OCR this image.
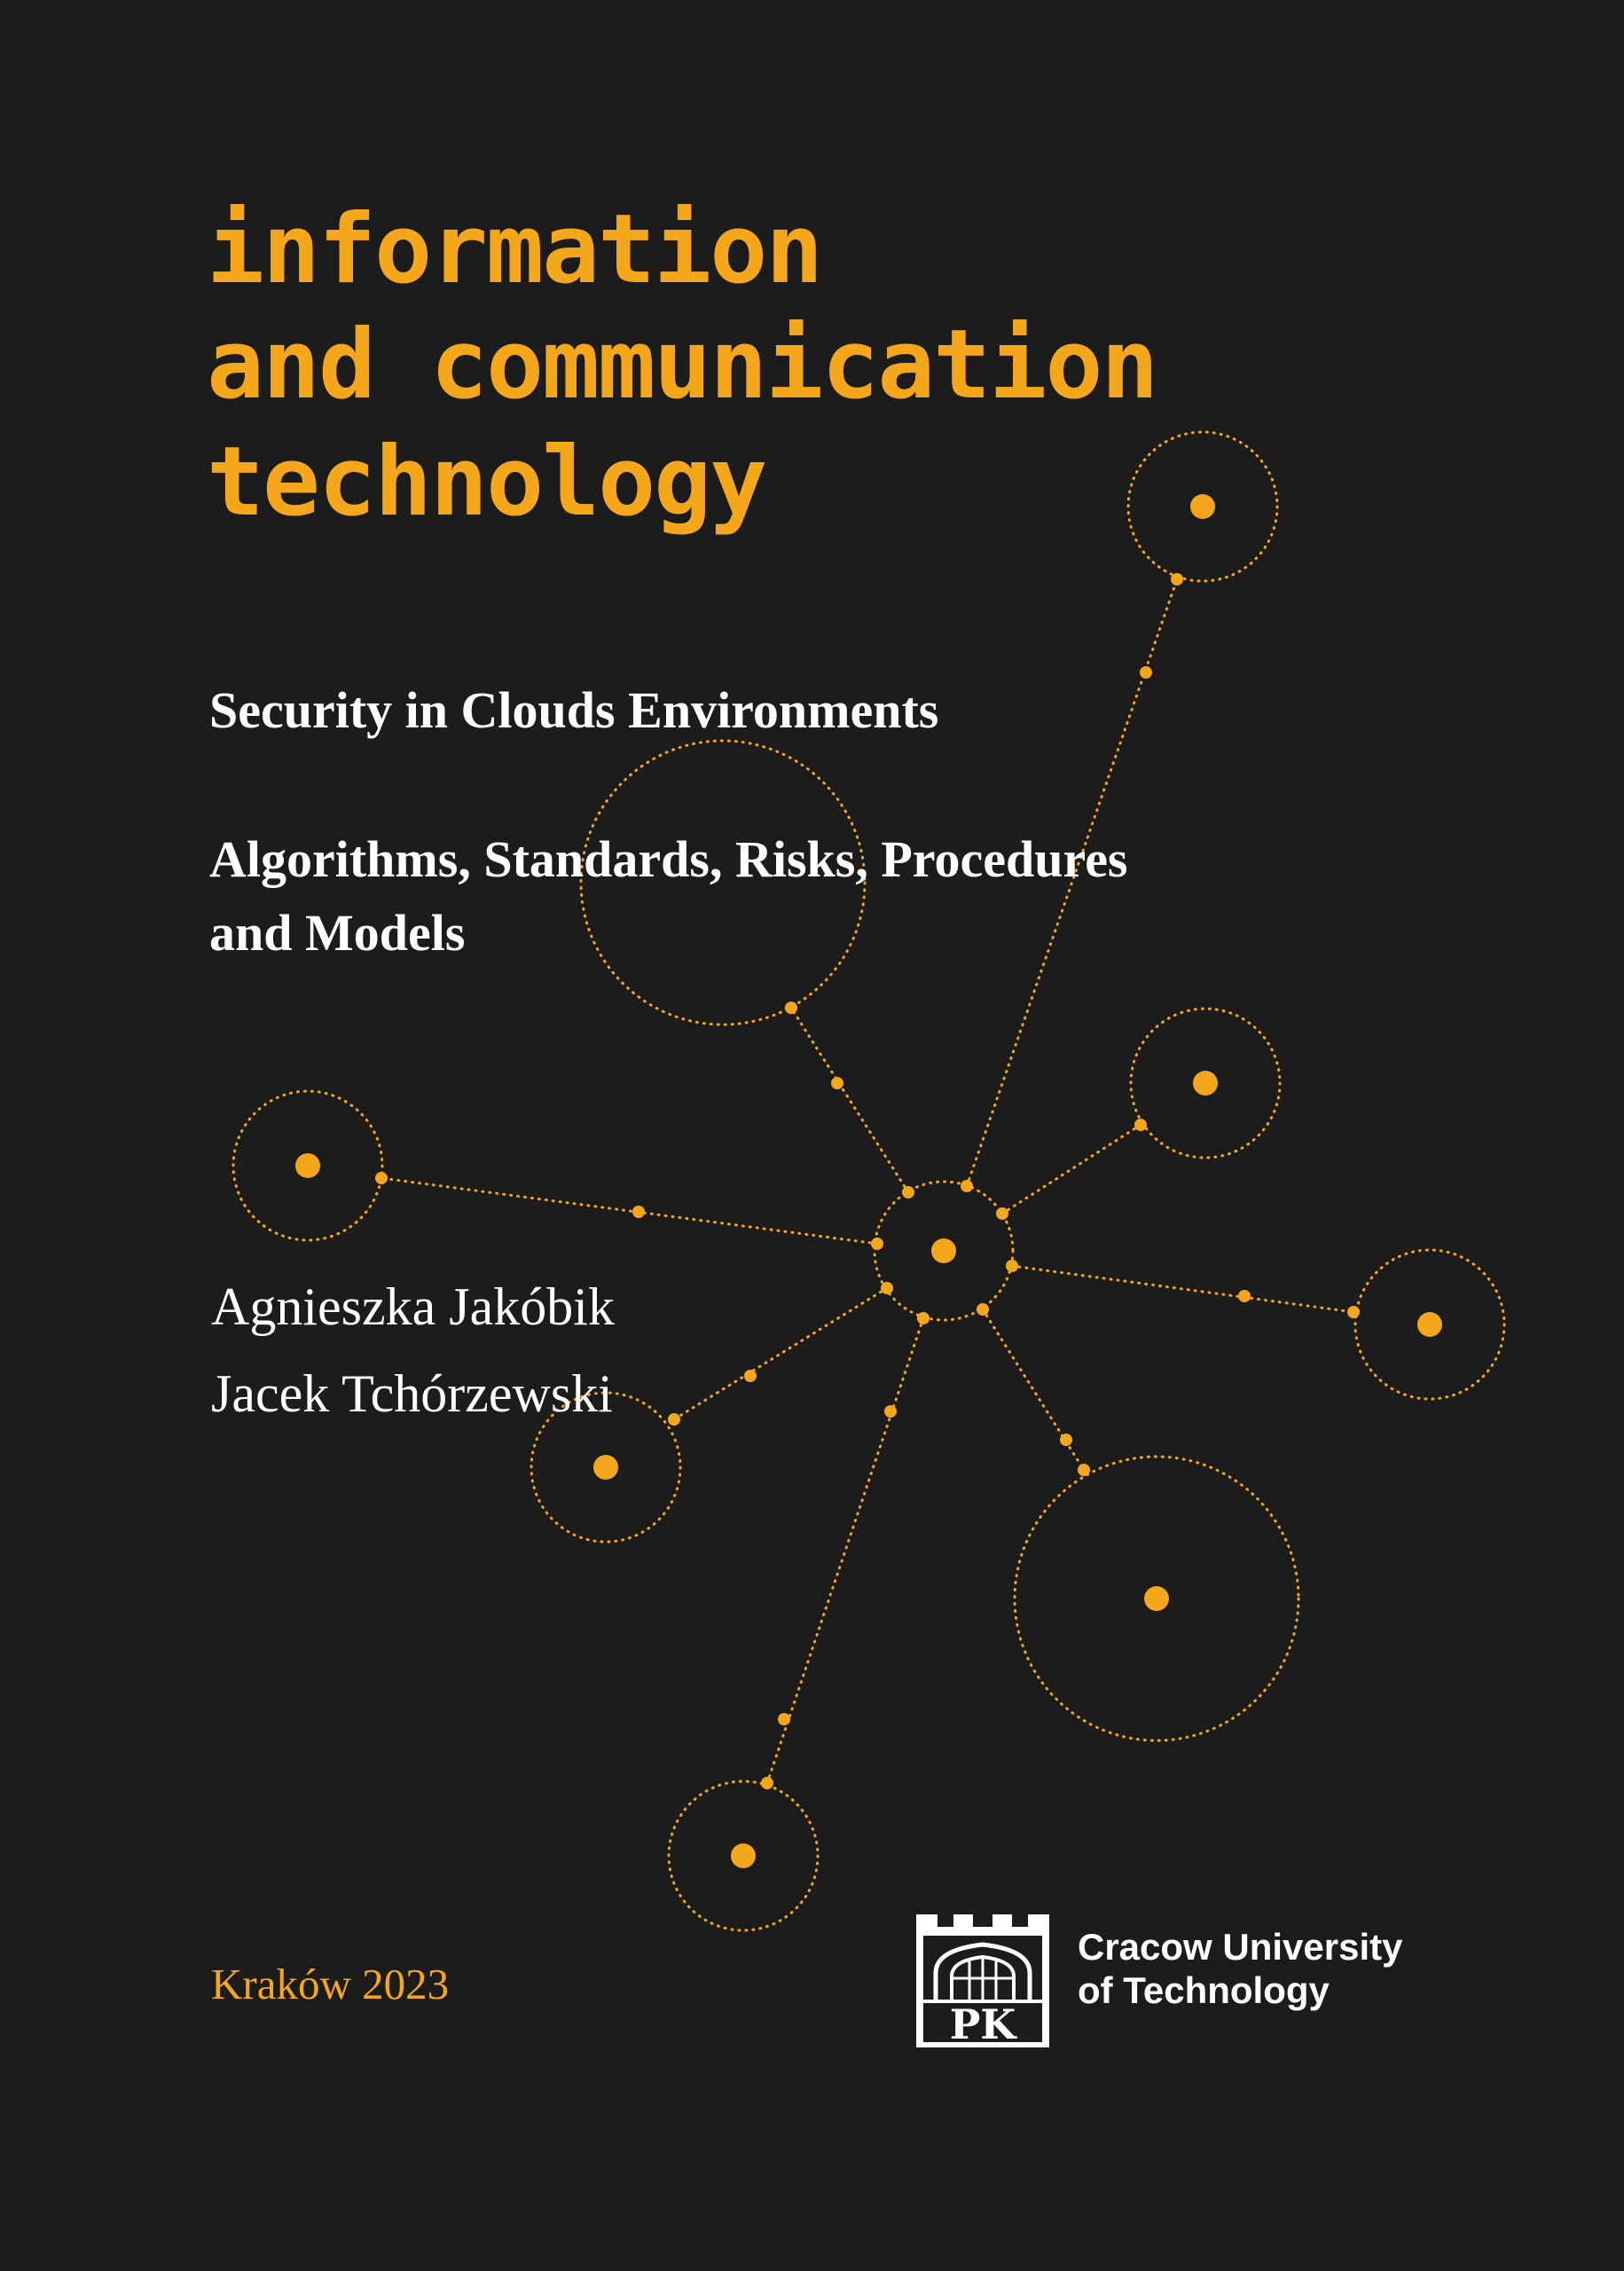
information
and communication
technology
Security in Clouds Environments
Algorithms, Standards, Risks, Procedures
and Models
Agnieszka Jakóbik
Jacek Tchórzewski
Kraków 2023
PK
Cracow University
of Technology
